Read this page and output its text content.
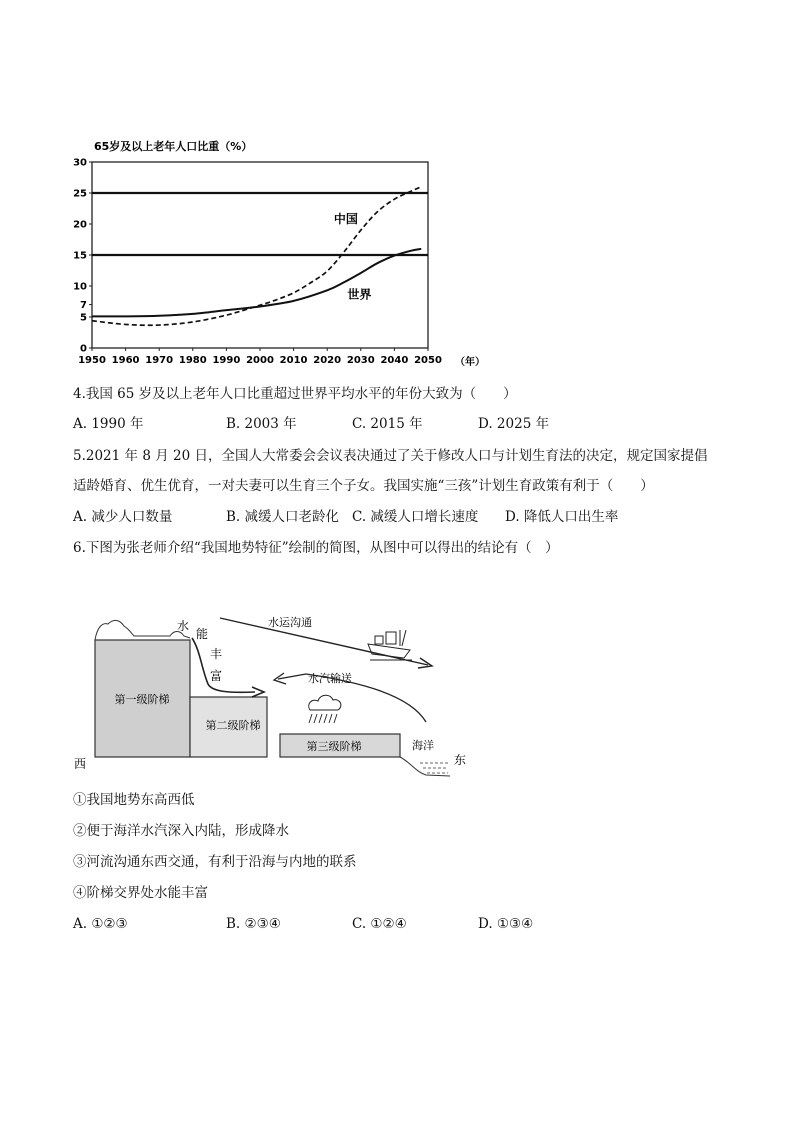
65岁及以上老年人口比重（%）
0
5
7
10
15
20
25
30
1950 1960 1970 1980 1990 2000 2010 2020 2030 2040 2050
中国
世界
（年）
4.我国 65 岁及以上老年人口比重超过世界平均水平的年份大致为（　　）
A. 1990 年	B. 2003 年	C. 2015 年	D. 2025 年
5.2021 年 8 月 20 日，全国人大常委会会议表决通过了关于修改人口与计划生育法的决定，规定国家提倡
适龄婚育、优生优育，一对夫妻可以生育三个子女。我国实施“三孩”计划生育政策有利于（　　）
A. 减少人口数量	B. 减缓人口老龄化 C. 减缓人口增长速度 D. 降低人口出生率
6.下图为张老师介绍“我国地势特征”绘制的简图，从图中可以得出的结论有（　）
第一级阶梯
第二级阶梯
第三级阶梯	海洋
西	东
水
能
丰
富
水运沟通
水汽输送
①我国地势东高西低
②便于海洋水汽深入内陆，形成降水
③河流沟通东西交通，有利于沿海与内地的联系
④阶梯交界处水能丰富
A. ①②③	B. ②③④	C. ①②④	D. ①③④
